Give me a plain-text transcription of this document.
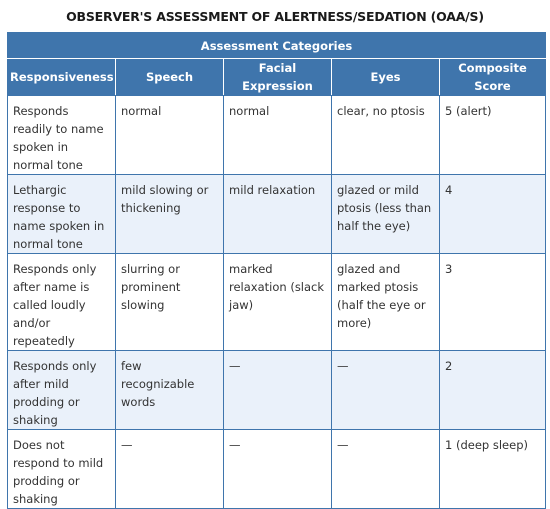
OBSERVER'S ASSESSMENT OF ALERTNESS/SEDATION (OAA/S)
Assessment Categories				
Responsiveness	Speech	Facial Expression	Eyes	Composite Score
Responds readily to name spoken in normal tone	normal	normal	clear, no ptosis	5 (alert)
Lethargic response to name spoken in normal tone	mild slowing or thickening	mild relaxation	glazed or mild ptosis (less than half the eye)	4
Responds only after name is called loudly and/or repeatedly	slurring or prominent slowing	marked relaxation (slack jaw)	glazed and marked ptosis (half the eye or more)	3
Responds only after mild prodding or shaking	few recognizable words	—	—	2
Does not respond to mild prodding or shaking	—	—	—	1 (deep sleep)
